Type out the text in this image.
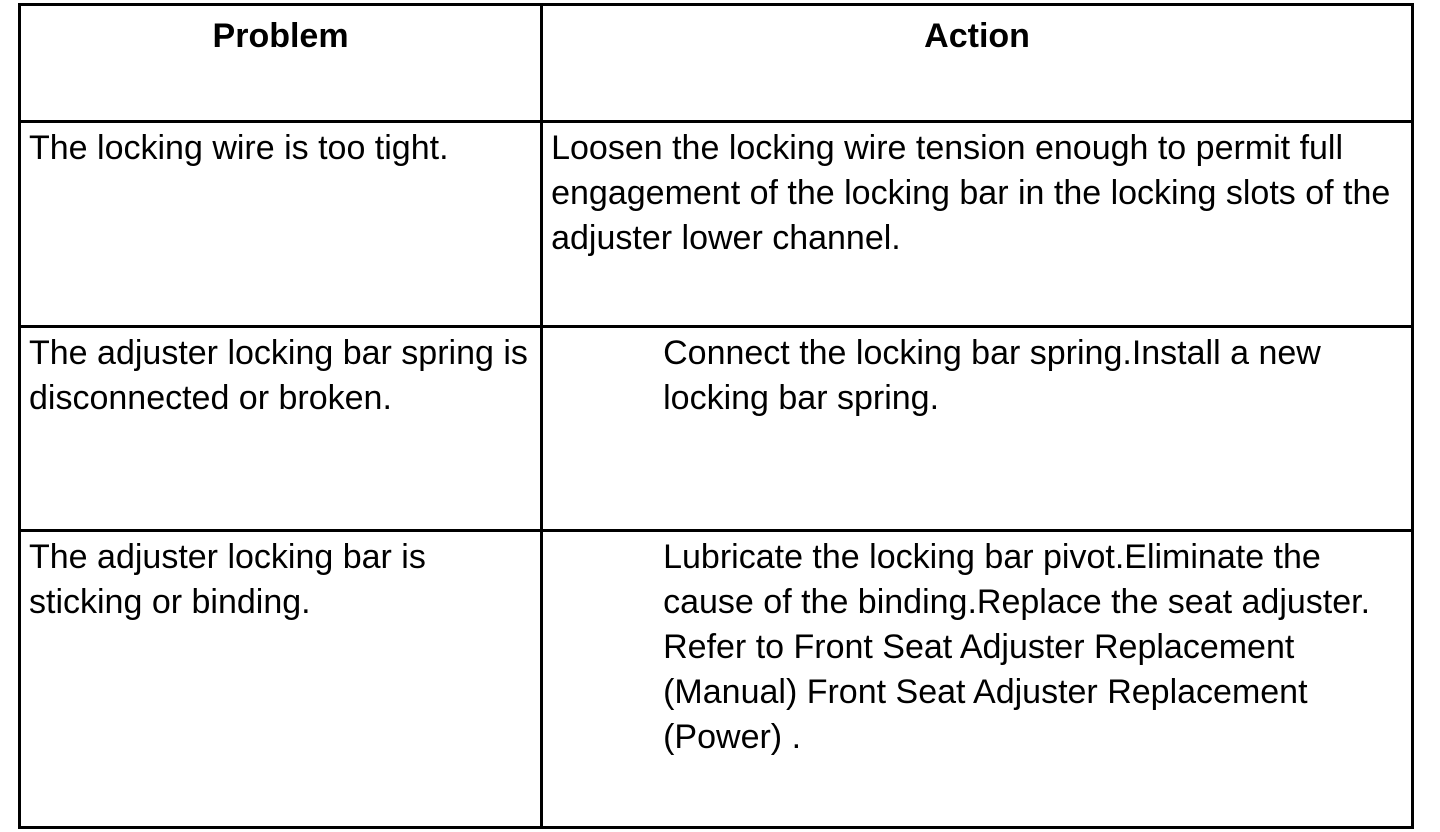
Problem	Action

The locking wire is too tight.	Loosen the locking wire tension enough to permit full engagement of the locking bar in the locking slots of the adjuster lower channel.

The adjuster locking bar spring is disconnected or broken.	Connect the locking bar spring.Install a new locking bar spring.

The adjuster locking bar is sticking or binding.	Lubricate the locking bar pivot.Eliminate the cause of the binding.Replace the seat adjuster. Refer to Front Seat Adjuster Replacement (Manual) Front Seat Adjuster Replacement (Power) .
